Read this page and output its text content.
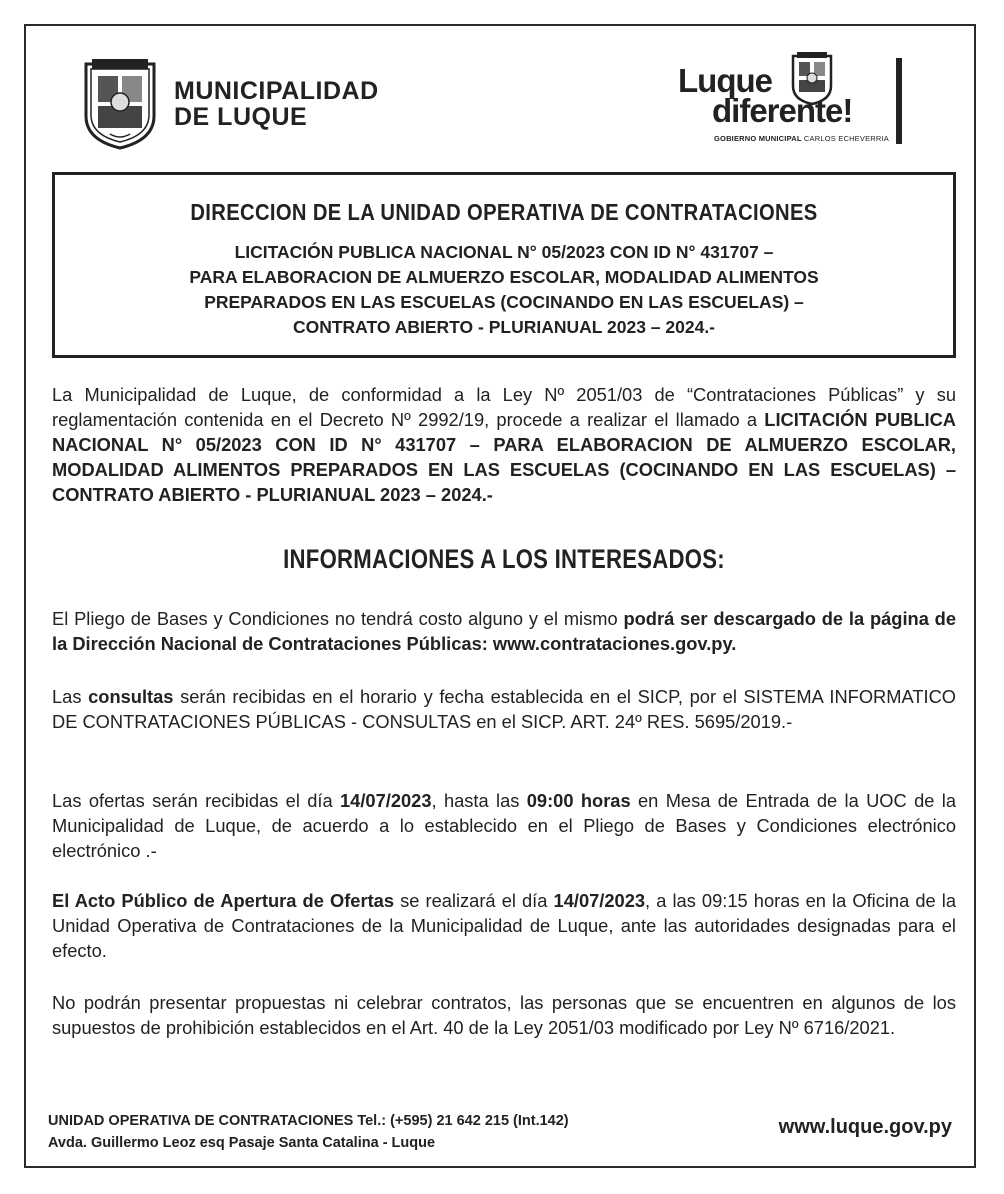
MUNICIPALIDAD
DE LUQUE
Luque
diferente!
GOBIERNO MUNICIPAL CARLOS ECHEVERRIA
DIRECCION DE LA UNIDAD OPERATIVA DE CONTRATACIONES
LICITACIÓN PUBLICA NACIONAL N° 05/2023 CON ID N° 431707 –
PARA ELABORACION DE ALMUERZO ESCOLAR, MODALIDAD ALIMENTOS
PREPARADOS EN LAS ESCUELAS (COCINANDO EN LAS ESCUELAS) –
CONTRATO ABIERTO - PLURIANUAL 2023 – 2024.-
La Municipalidad de Luque, de conformidad a la Ley Nº 2051/03 de “Contrataciones Públicas” y su reglamentación contenida en el Decreto Nº 2992/19, procede a realizar el llamado a LICITACIÓN PUBLICA NACIONAL N° 05/2023 CON ID N° 431707 – PARA ELABORACION DE ALMUERZO ESCOLAR, MODALIDAD ALIMENTOS PREPARADOS EN LAS ESCUELAS (COCINANDO EN LAS ESCUELAS) – CONTRATO ABIERTO - PLURIANUAL 2023 – 2024.-
INFORMACIONES A LOS INTERESADOS:
El Pliego de Bases y Condiciones no tendrá costo alguno y el mismo podrá ser descargado de la página de la Dirección Nacional de Contrataciones Públicas: www.contrataciones.gov.py.
Las consultas serán recibidas en el horario y fecha establecida en el SICP, por el SISTEMA INFORMATICO DE CONTRATACIONES PÚBLICAS - CONSULTAS en el SICP. ART. 24º RES. 5695/2019.-
Las ofertas serán recibidas el día 14/07/2023, hasta las 09:00 horas en Mesa de Entrada de la UOC de la Municipalidad de Luque, de acuerdo a lo establecido en el Pliego de Bases y Condiciones electrónico electrónico .-
El Acto Público de Apertura de Ofertas se realizará el día 14/07/2023, a las 09:15 horas en la Oficina de la Unidad Operativa de Contrataciones de la Municipalidad de Luque, ante las autoridades designadas para el efecto.
No podrán presentar propuestas ni celebrar contratos, las personas que se encuentren en algunos de los supuestos de prohibición establecidos en el Art. 40 de la Ley 2051/03 modificado por Ley Nº 6716/2021.
UNIDAD OPERATIVA DE CONTRATACIONES Tel.: (+595) 21 642 215 (Int.142)
Avda. Guillermo Leoz esq Pasaje Santa Catalina - Luque
www.luque.gov.py
